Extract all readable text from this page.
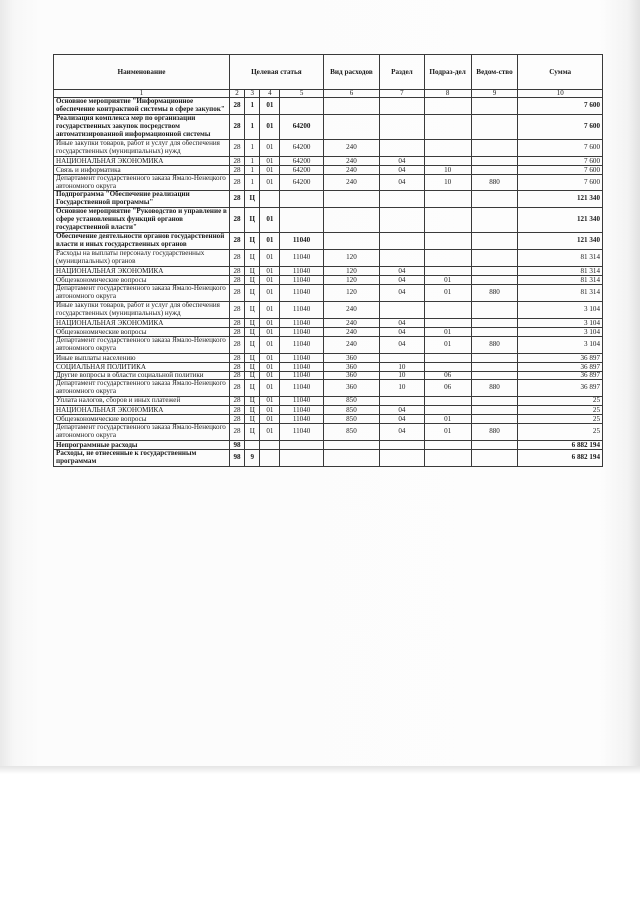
Наименование	Целевая статья				Вид расходов	Раздел	Подраз-дел	Ведом-ство	Сумма
1	2	3	4	5	6	7	8	9	10
Основное мероприятие "Информационное обеспечение контрактной системы в сфере закупок"	28	1	01						7 600
Реализация комплекса мер по организации государственных закупок посредством автоматизированной информационной системы	28	1	01	64200					7 600
Иные закупки товаров, работ и услуг для обеспечения государственных (муниципальных) нужд	28	1	01	64200	240				7 600
НАЦИОНАЛЬНАЯ ЭКОНОМИКА	28	1	01	64200	240	04			7 600
Связь и информатика	28	1	01	64200	240	04	10		7 600
Департамент государственного заказа Ямало-Ненецкого автономного округа	28	1	01	64200	240	04	10	880	7 600
Подпрограмма "Обеспечение реализации Государственной программы"	28	Ц							121 340
Основное мероприятие "Руководство и управление в сфере установленных функций органов государственной власти"	28	Ц	01						121 340
Обеспечение деятельности органов государственной власти и иных государственных органов	28	Ц	01	11040					121 340
Расходы на выплаты персоналу государственных (муниципальных) органов	28	Ц	01	11040	120				81 314
НАЦИОНАЛЬНАЯ ЭКОНОМИКА	28	Ц	01	11040	120	04			81 314
Общеэкономические вопросы	28	Ц	01	11040	120	04	01		81 314
Департамент государственного заказа Ямало-Ненецкого автономного округа	28	Ц	01	11040	120	04	01	880	81 314
Иные закупки товаров, работ и услуг для обеспечения государственных (муниципальных) нужд	28	Ц	01	11040	240				3 104
НАЦИОНАЛЬНАЯ ЭКОНОМИКА	28	Ц	01	11040	240	04			3 104
Общеэкономические вопросы	28	Ц	01	11040	240	04	01		3 104
Департамент государственного заказа Ямало-Ненецкого автономного округа	28	Ц	01	11040	240	04	01	880	3 104
Иные выплаты населению	28	Ц	01	11040	360				36 897
СОЦИАЛЬНАЯ ПОЛИТИКА	28	Ц	01	11040	360	10			36 897
Другие вопросы в области социальной политики	28	Ц	01	11040	360	10	06		36 897
Департамент государственного заказа Ямало-Ненецкого автономного округа	28	Ц	01	11040	360	10	06	880	36 897
Уплата налогов, сборов и иных платежей	28	Ц	01	11040	850				25
НАЦИОНАЛЬНАЯ ЭКОНОМИКА	28	Ц	01	11040	850	04			25
Общеэкономические вопросы	28	Ц	01	11040	850	04	01		25
Департамент государственного заказа Ямало-Ненецкого автономного округа	28	Ц	01	11040	850	04	01	880	25
Непрограммные расходы	98								6 882 194
Расходы, не отнесенные к государственным программам	98	9							6 882 194
